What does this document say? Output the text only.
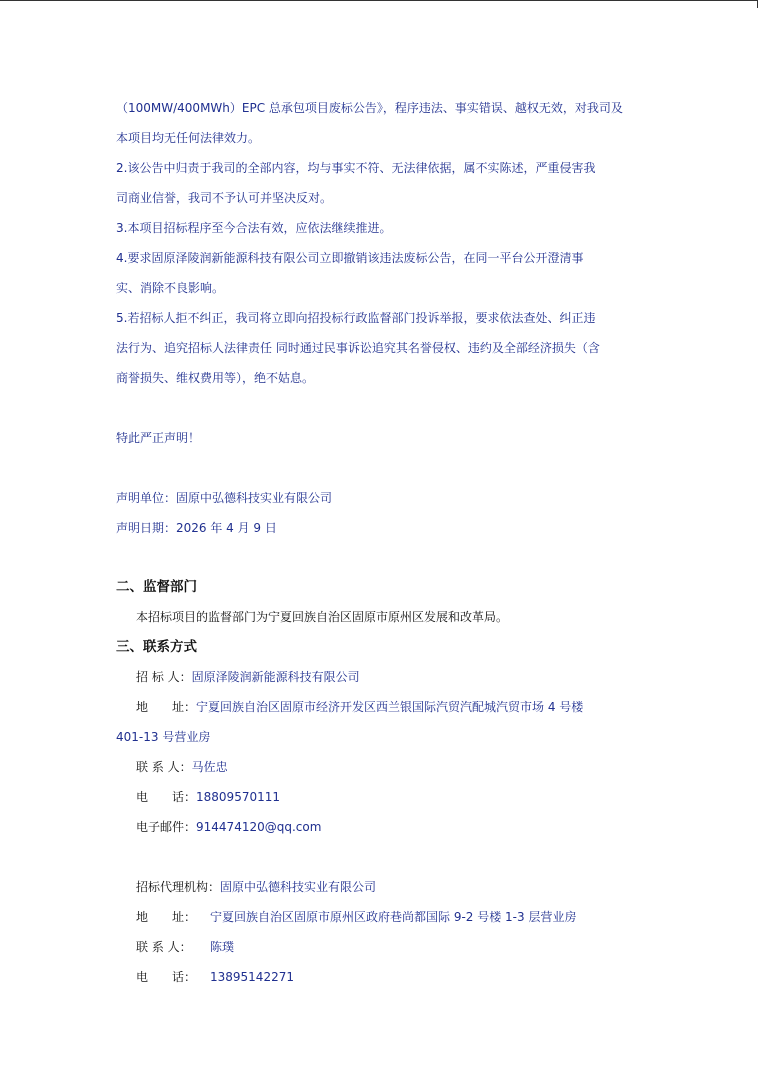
（100MW/400MWh）EPC 总承包项目废标公告》，程序违法、事实错误、越权无效，对我司及
本项目均无任何法律效力。
2.该公告中归责于我司的全部内容，均与事实不符、无法律依据，属不实陈述，严重侵害我
司商业信誉，我司不予认可并坚决反对。
3.本项目招标程序至今合法有效，应依法继续推进。
4.要求固原泽陵润新能源科技有限公司立即撤销该违法废标公告，在同一平台公开澄清事
实、消除不良影响。
5.若招标人拒不纠正，我司将立即向招投标行政监督部门投诉举报，要求依法查处、纠正违
法行为、追究招标人法律责任 同时通过民事诉讼追究其名誉侵权、违约及全部经济损失（含
商誉损失、维权费用等），绝不姑息。
特此严正声明！
声明单位：固原中弘德科技实业有限公司
声明日期：2026 年 4 月 9 日
二、监督部门
本招标项目的监督部门为宁夏回族自治区固原市原州区发展和改革局。
三、联系方式
招 标 人：固原泽陵润新能源科技有限公司
地　　址：宁夏回族自治区固原市经济开发区西兰银国际汽贸汽配城汽贸市场 4 号楼
401-13 号营业房
联 系 人：马佐忠
电　　话：18809570111
电子邮件：914474120@qq.com
招标代理机构：固原中弘德科技实业有限公司
地　　址： 宁夏回族自治区固原市原州区政府巷尚都国际 9-2 号楼 1-3 层营业房
联 系 人： 陈璞
电　　话： 13895142271
